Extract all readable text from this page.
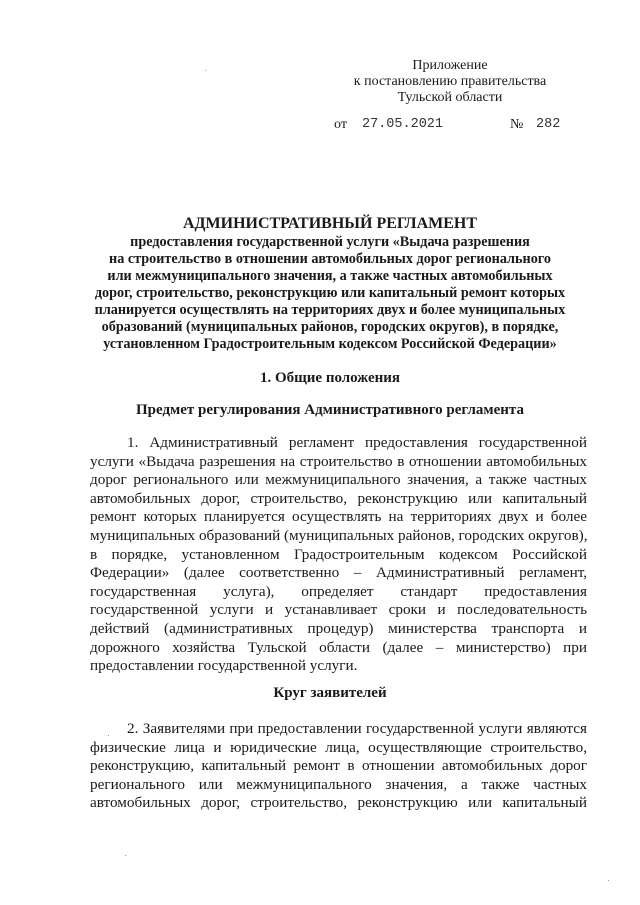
Приложение
к постановлению правительства
Тульской области
от 27.05.2021	№ 282
АДМИНИСТРАТИВНЫЙ РЕГЛАМЕНТ
предоставления государственной услуги «Выдача разрешения
на строительство в отношении автомобильных дорог регионального
или межмуниципального значения, а также частных автомобильных
дорог, строительство, реконструкцию или капитальный ремонт которых
планируется осуществлять на территориях двух и более муниципальных
образований (муниципальных районов, городских округов), в порядке,
установленном Градостроительным кодексом Российской Федерации»
1. Общие положения
Предмет регулирования Административного регламента
1. Административный регламент предоставления государственной
услуги «Выдача разрешения на строительство в отношении автомобильных
дорог регионального или межмуниципального значения, а также частных
автомобильных дорог, строительство, реконструкцию или капитальный
ремонт которых планируется осуществлять на территориях двух и более
муниципальных образований (муниципальных районов, городских округов),
в порядке, установленном Градостроительным кодексом Российской
Федерации» (далее соответственно – Административный регламент,
государственная услуга), определяет стандарт предоставления
государственной услуги и устанавливает сроки и последовательность
действий (административных процедур) министерства транспорта и
дорожного хозяйства Тульской области (далее – министерство) при
предоставлении государственной услуги.
Круг заявителей
2. Заявителями при предоставлении государственной услуги являются
физические лица и юридические лица, осуществляющие строительство,
реконструкцию, капитальный ремонт в отношении автомобильных дорог
регионального или межмуниципального значения, а также частных
автомобильных дорог, строительство, реконструкцию или капитальный
